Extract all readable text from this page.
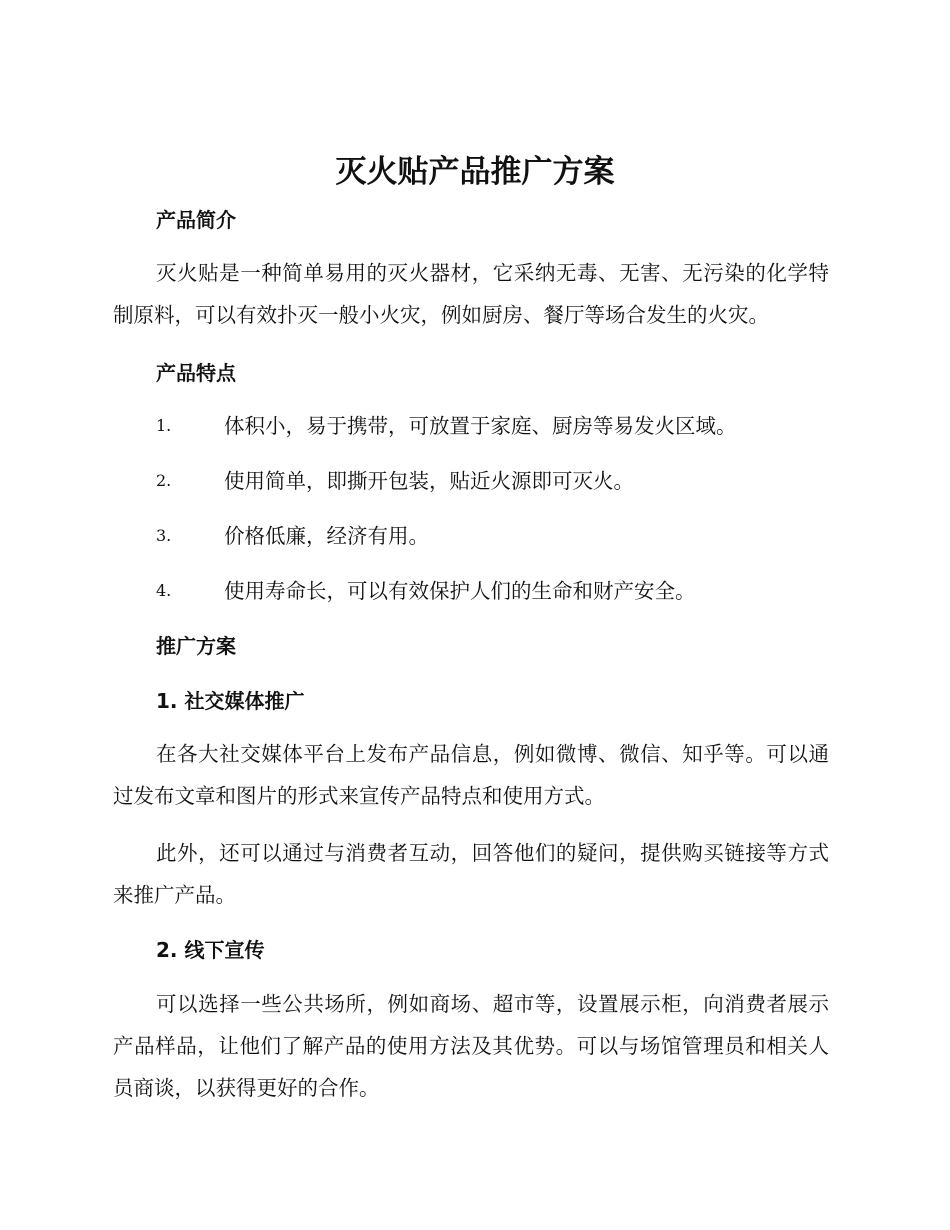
灭火贴产品推广方案
产品简介

灭火贴是一种简单易用的灭火器材，它采纳无毒、无害、无污染的化学特制原料，可以有效扑灭一般小火灾，例如厨房、餐厅等场合发生的火灾。

产品特点
1.	体积小，易于携带，可放置于家庭、厨房等易发火区域。
2.	使用简单，即撕开包装，贴近火源即可灭火。
3.	价格低廉，经济有用。
4.	使用寿命长，可以有效保护人们的生命和财产安全。
推广方案
1. 社交媒体推广

在各大社交媒体平台上发布产品信息，例如微博、微信、知乎等。可以通过发布文章和图片的形式来宣传产品特点和使用方式。

此外，还可以通过与消费者互动，回答他们的疑问，提供购买链接等方式来推广产品。

2. 线下宣传

可以选择一些公共场所，例如商场、超市等，设置展示柜，向消费者展示产品样品，让他们了解产品的使用方法及其优势。可以与场馆管理员和相关人员商谈，以获得更好的合作。
